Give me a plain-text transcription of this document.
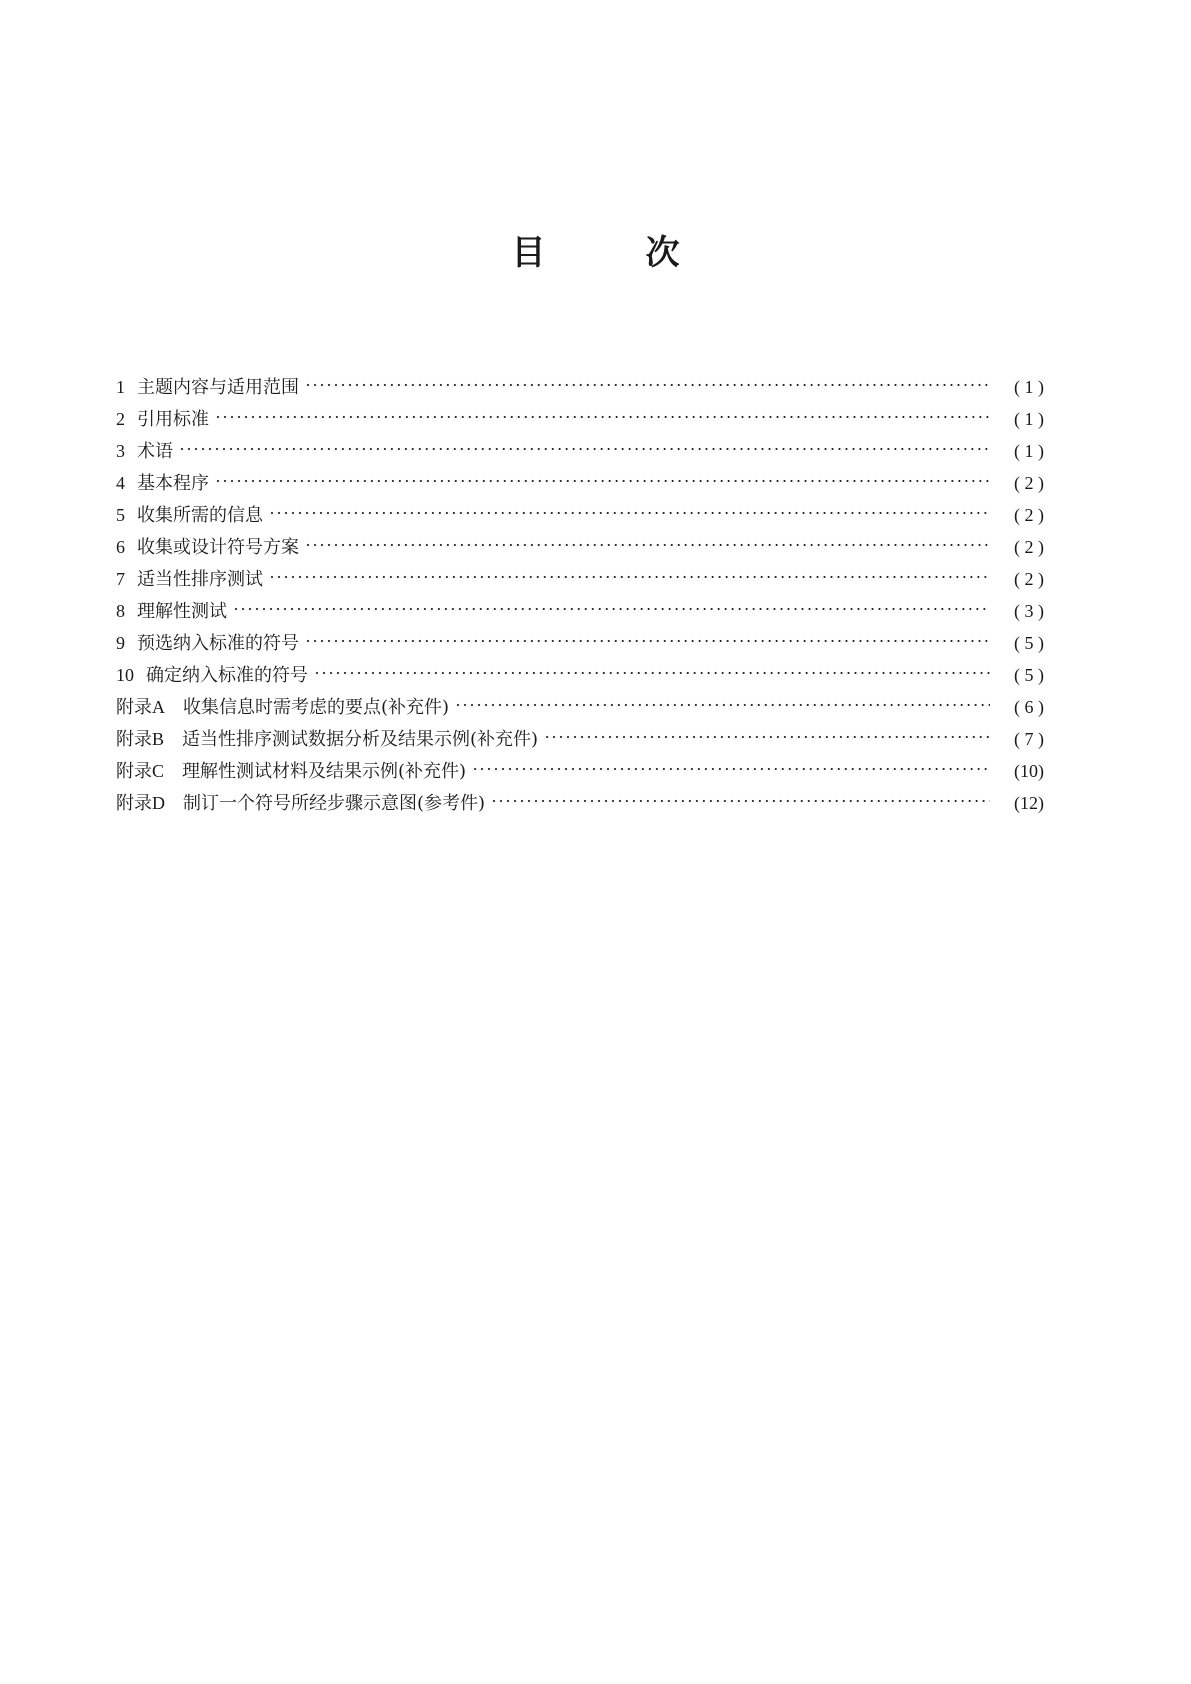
目	次
1 主题内容与适用范围 ·····	( 1 )
2 引用标准 ·····	( 1 )
3 术语 ·····	( 1 )
4 基本程序 ·····	( 2 )
5 收集所需的信息 ·····	( 2 )
6 收集或设计符号方案 ·····	( 2 )
7 适当性排序测试 ·····	( 2 )
8 理解性测试 ·····	( 3 )
9 预选纳入标准的符号 ·····	( 5 )
10 确定纳入标准的符号 ·····	( 5 )
附录A 收集信息时需考虑的要点(补充件) ·····	( 6 )
附录B 适当性排序测试数据分析及结果示例(补充件) ·····	( 7 )
附录C 理解性测试材料及结果示例(补充件) ·····	(10)
附录D 制订一个符号所经步骤示意图(参考件) ·····	(12)
